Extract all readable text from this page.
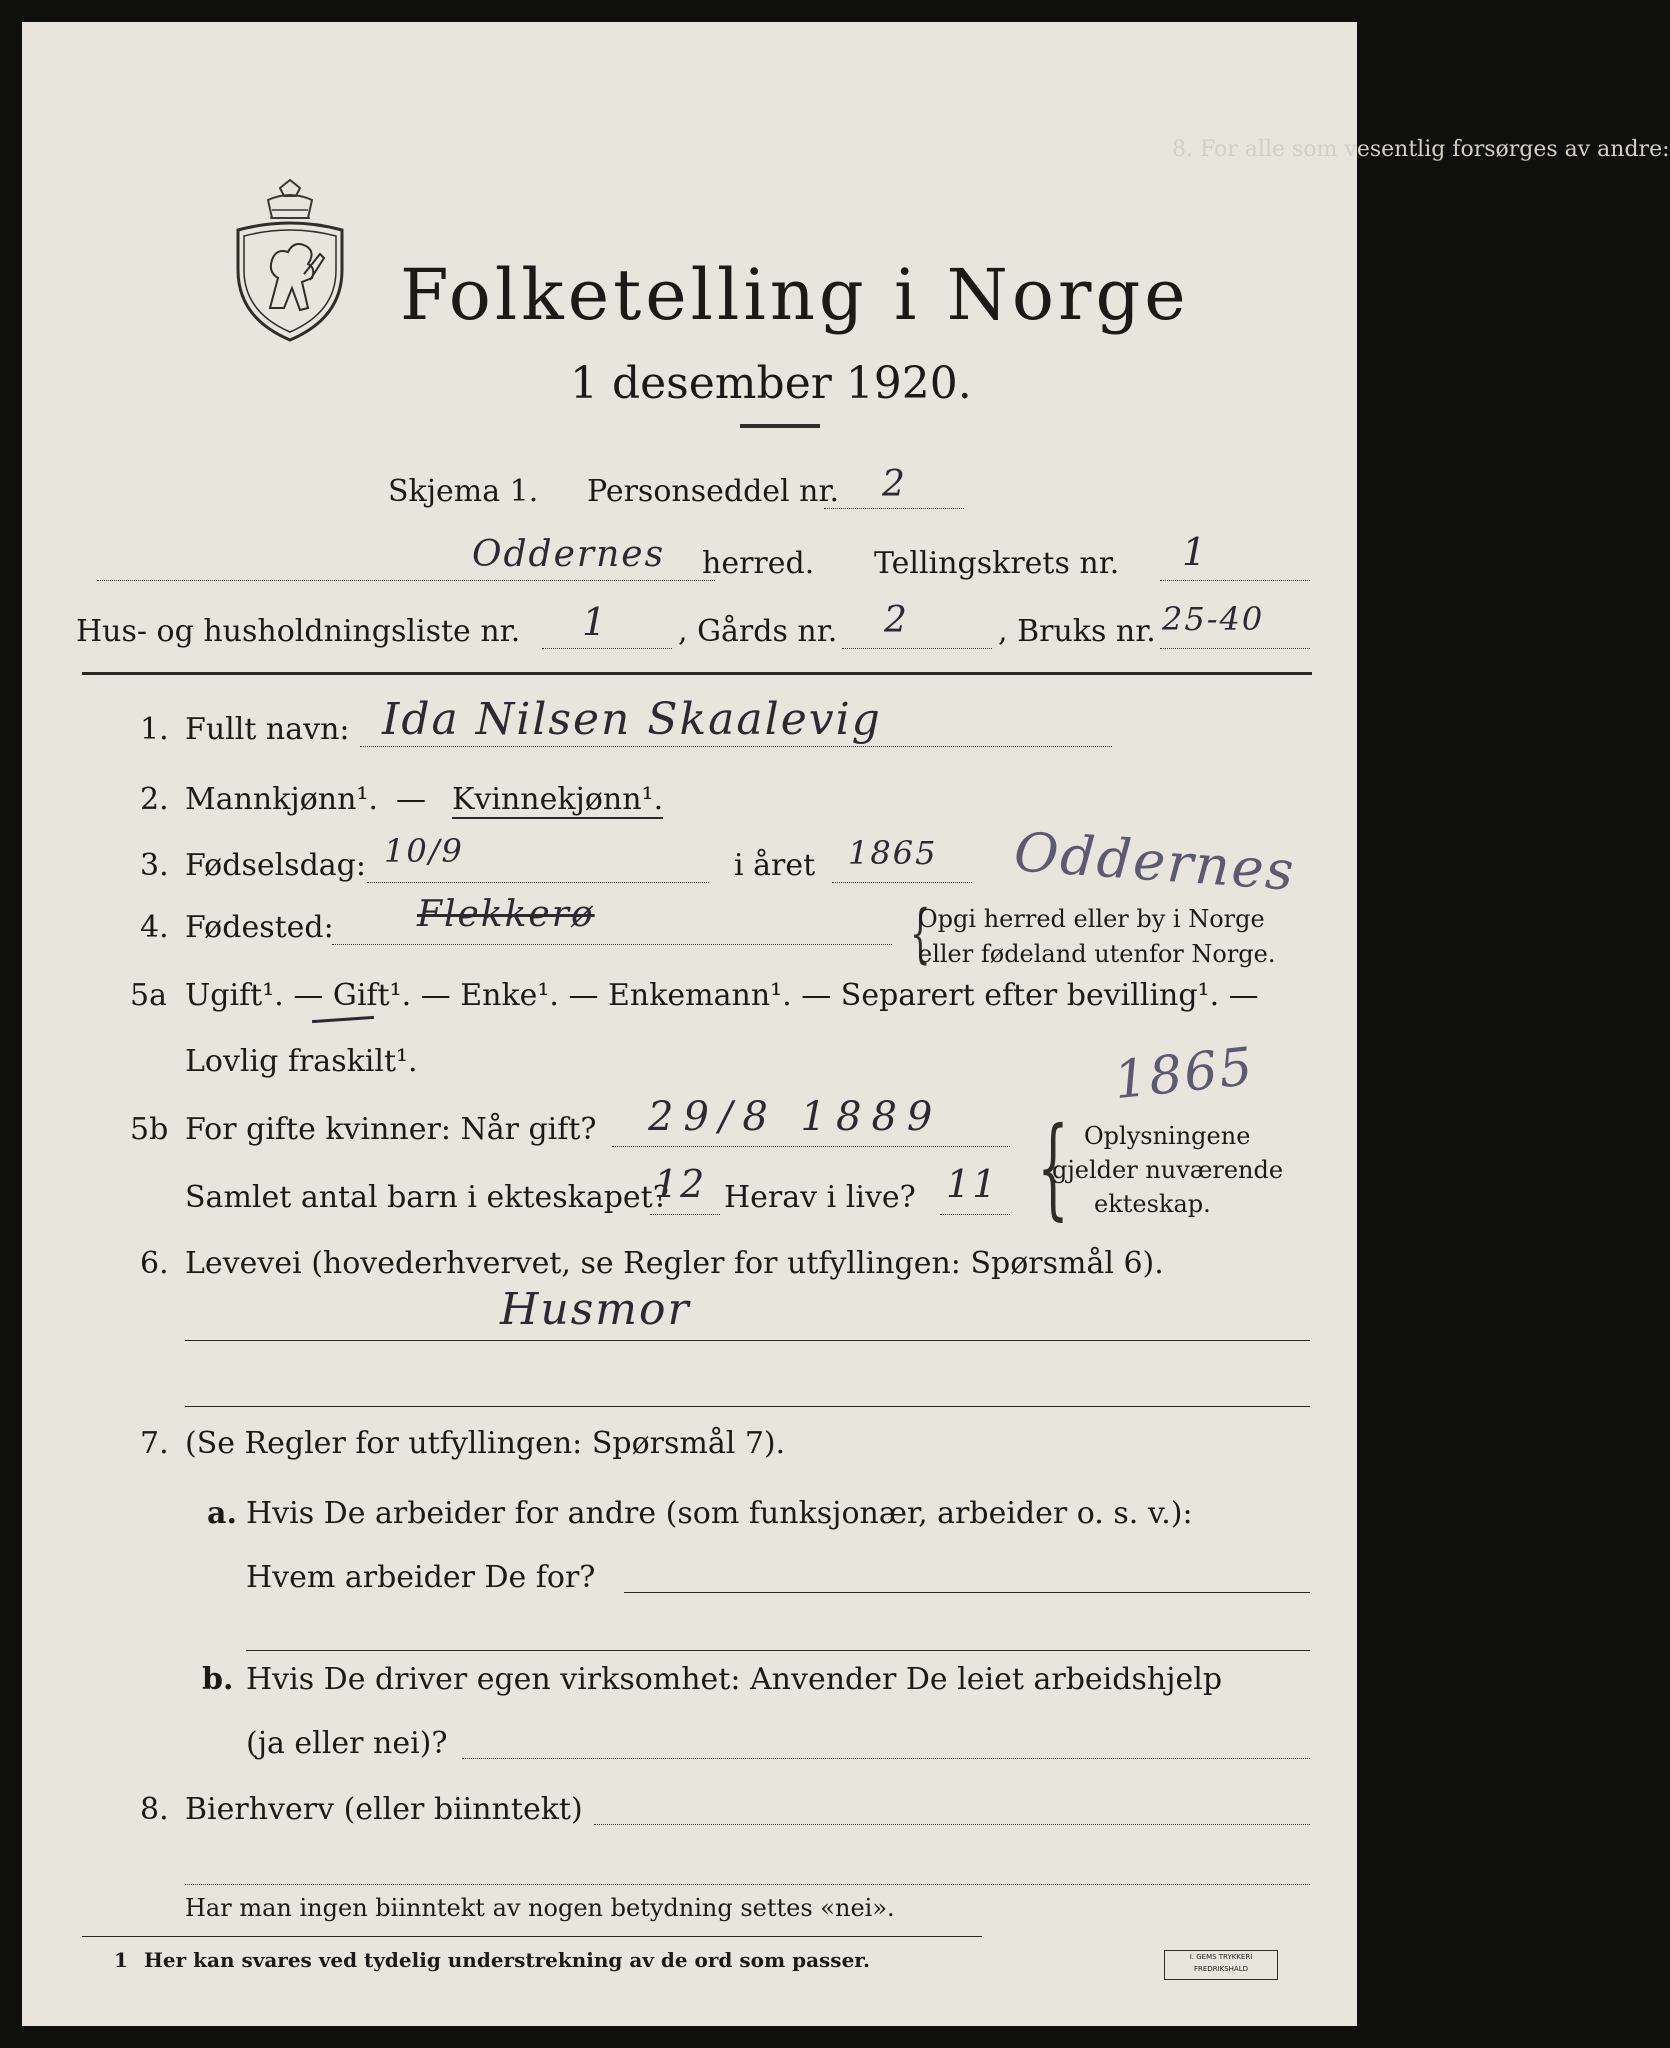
8. For alle som vesentlig forsørges av andre:
Folketelling i Norge
1 desember 1920.
Skjema 1. Personseddel nr. 2
Oddernes herred. Tellingskrets nr. 1
Hus- og husholdningsliste nr. 1 , Gårds nr. 2	, Bruks nr. 25-40
1. Fullt navn: Ida Nilsen Skaalevig
2. Mannkjønn¹. — Kvinnekjønn¹.
3. Fødselsdag: 10/9	i året 1865 Oddernes
4. Fødested: Flekkerø	{
Opgi herred eller by i Norge
eller fødeland utenfor Norge.
5a Ugift¹. — Gift¹. — Enke¹. — Enkemann¹. — Separert efter bevilling¹. —
Lovlig fraskilt¹.	1865
5b For gifte kvinner: Når gift? 29/8 1889
Samlet antal barn i ekteskapet?
12 Herav i live? 11 { Oplysningene
gjelder nuværende
ekteskap.
6. Levevei (hovederhvervet, se Regler for utfyllingen: Spørsmål 6).
Husmor
7. (Se Regler for utfyllingen: Spørsmål 7).
a. Hvis De arbeider for andre (som funksjonær, arbeider o. s. v.):
Hvem arbeider De for?
b. Hvis De driver egen virksomhet: Anvender De leiet arbeidshjelp
(ja eller nei)?
8. Bierhverv (eller biinntekt)
Har man ingen biinntekt av nogen betydning settes «nei».
1 Her kan svares ved tydelig understrekning av de ord som passer.	I. GEMS TRYKKERI
FREDRIKSHALD
